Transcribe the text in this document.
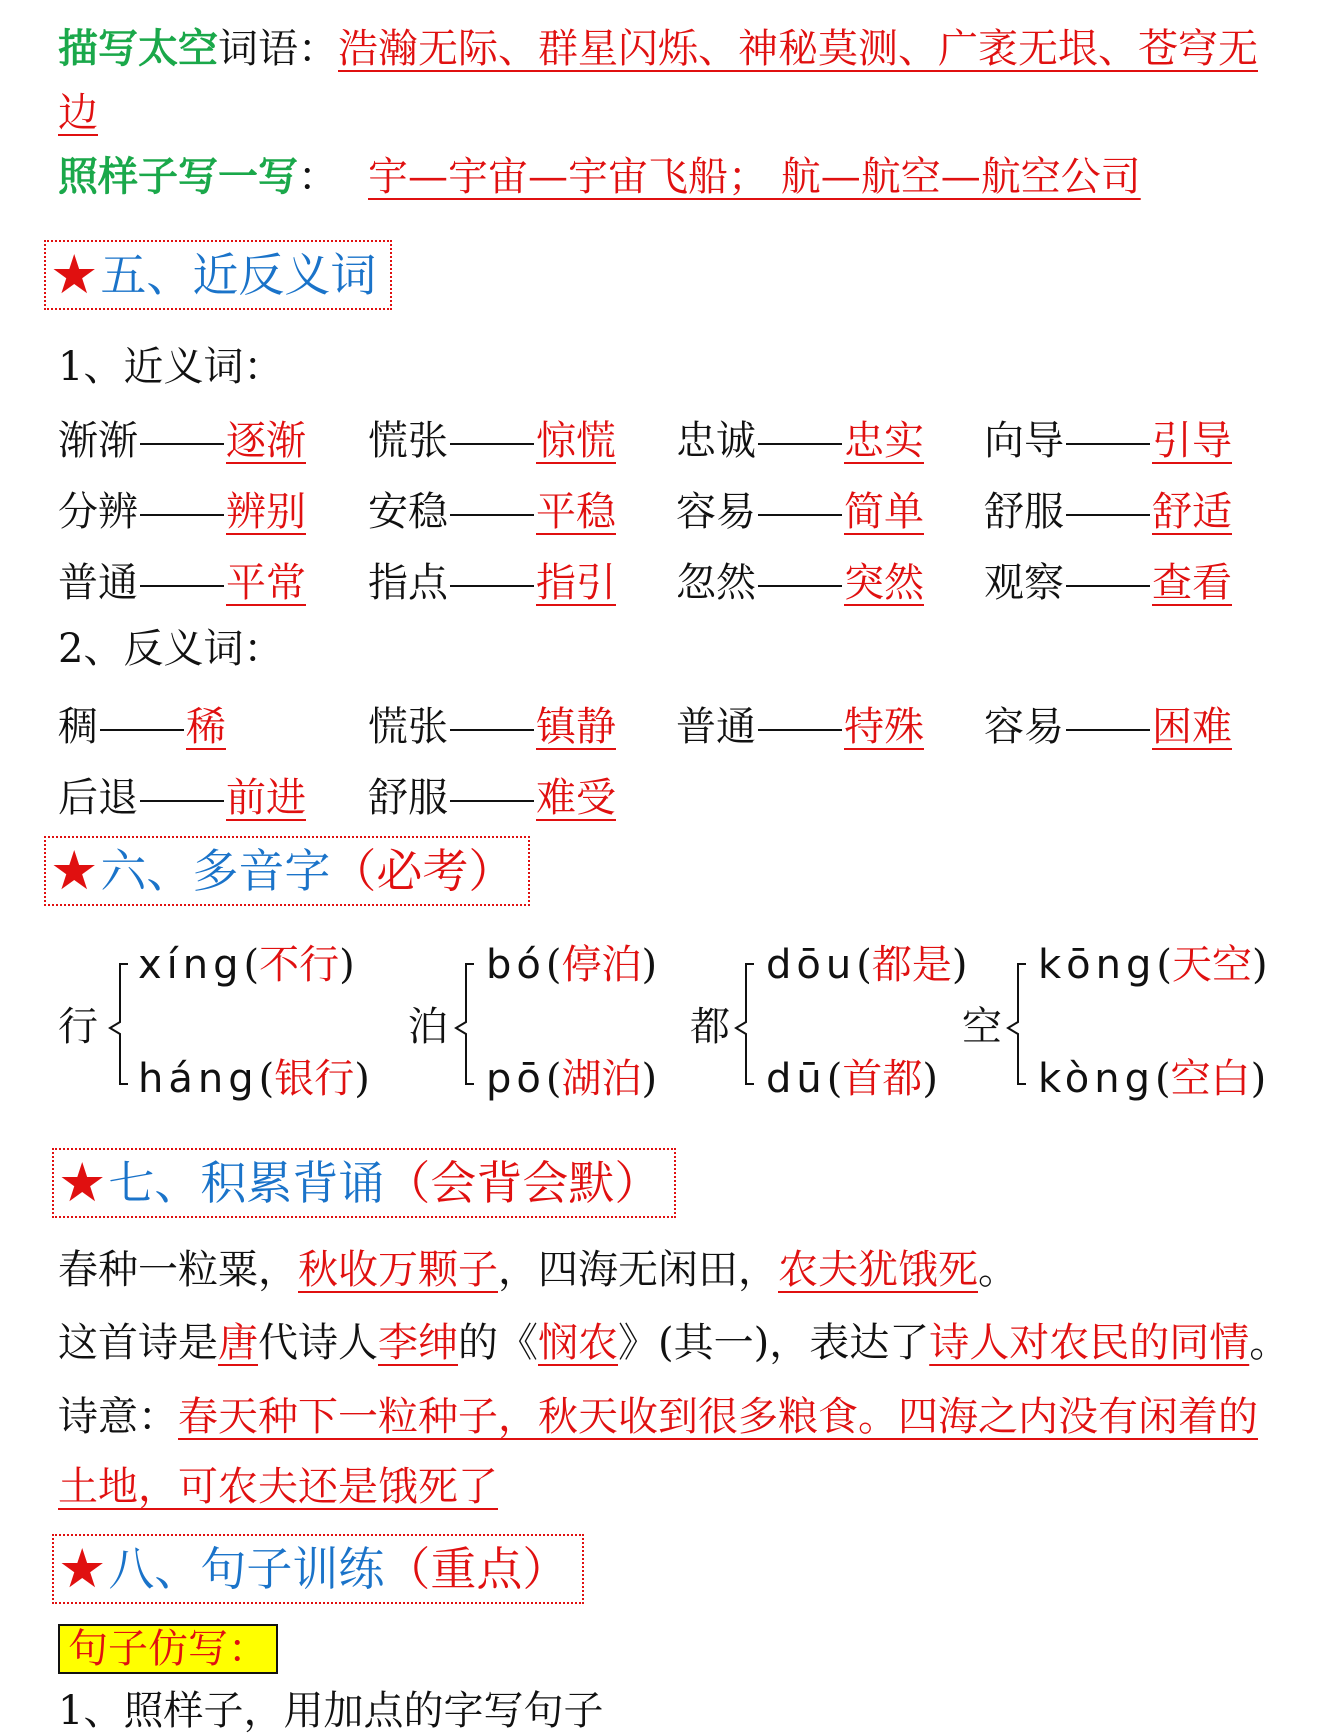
描写太空词语：浩瀚无际、群星闪烁、神秘莫测、广袤无垠、苍穹无
边
照样子写一写： 宇—宇宙—宇宙飞船； 航—航空—航空公司
★ 五、近反义词
1、近义词：
渐渐 逐渐 慌张 惊慌 忠诚 忠实 向导 引导
分辨 辨别 安稳 平稳 容易 简单 舒服 舒适
普通 平常 指点 指引 忽然 突然 观察 查看
2、反义词：
稠 稀	慌张 镇静 普通 特殊 容易 困难
后退 前进 舒服 难受
★ 六、多音字（必考）
行
xíng(不行)
háng(银行)
泊
bó(停泊)
pō(湖泊)
都
dōu(都是)
dū(首都)
空
kōng(天空)
kòng(空白)
★ 七、积累背诵（会背会默）
春种一粒粟，秋收万颗子，四海无闲田，农夫犹饿死。
这首诗是唐代诗人李绅的《悯农》(其一)，表达了诗人对农民的同情。
诗意：春天种下一粒种子，秋天收到很多粮食。四海之内没有闲着的
土地，可农夫还是饿死了
★ 八、句子训练（重点）
句子仿写：
1、照样子，用加点的字写句子
